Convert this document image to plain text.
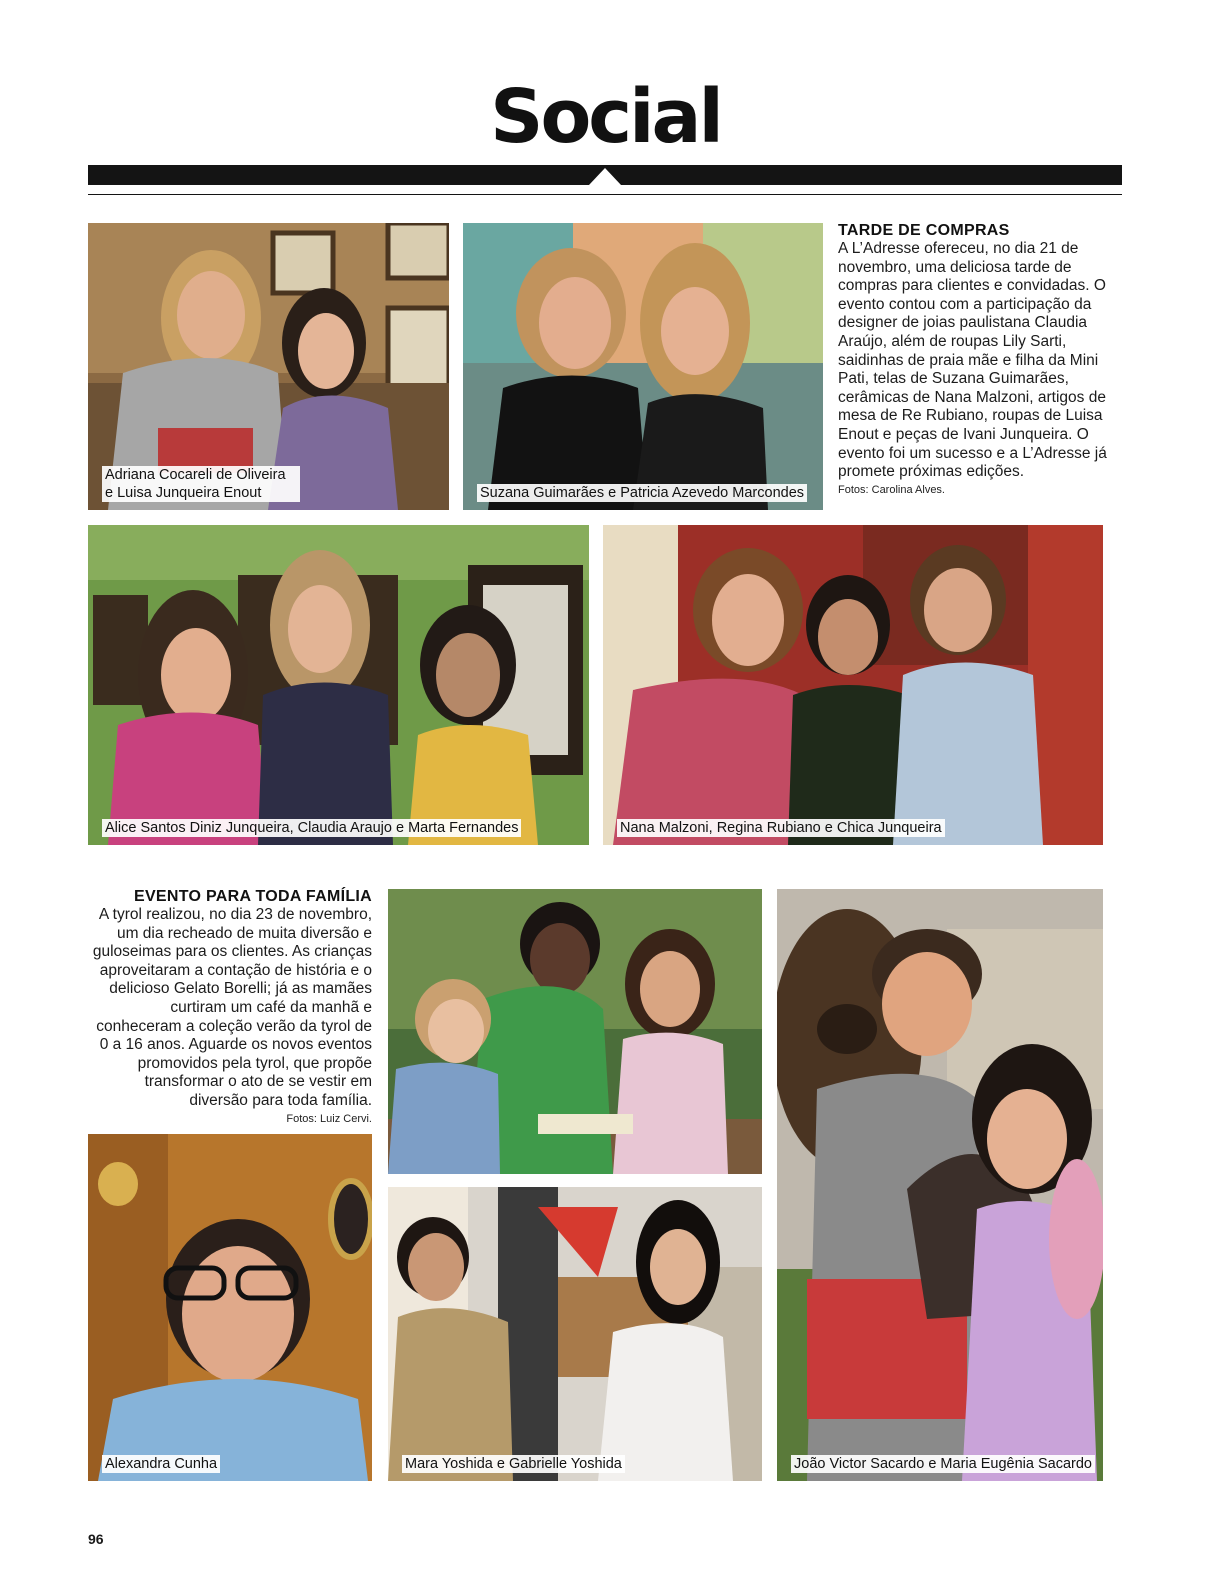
Social
Adriana Cocareli de Oliveira e Luisa Junqueira Enout	Suzana Guimarães e Patricia Azevedo Marcondes
TARDE DE COMPRAS

A L’Adresse ofereceu, no dia 21 de novembro, uma deliciosa tarde de compras para clientes e convidadas. O evento contou com a participação da designer de joias paulistana Claudia Araújo, além de roupas Lily Sarti, saidinhas de praia mãe e filha da Mini Pati, telas de Suzana Guimarães, cerâmicas de Nana Malzoni, artigos de mesa de Re Rubiano, roupas de Luisa Enout e peças de Ivani Junqueira. O evento foi um sucesso e a L’Adresse já promete próximas edições.

Fotos: Carolina Alves.
Alice Santos Diniz Junqueira, Claudia Araujo e Marta Fernandes	Nana Malzoni, Regina Rubiano e Chica Junqueira
EVENTO PARA TODA FAMÍLIA

A tyrol realizou, no dia 23 de novembro, um dia recheado de muita diversão e guloseimas para os clientes. As crianças aproveitaram a contação de história e o delicioso Gelato Borelli; já as mamães curtiram um café da manhã e conheceram a coleção verão da tyrol de 0 a 16 anos. Aguarde os novos eventos promovidos pela tyrol, que propõe transformar o ato de se vestir em diversão para toda família.

Fotos: Luiz Cervi.
Alexandra Cunha	Mara Yoshida e Gabrielle Yoshida	João Victor Sacardo e Maria Eugênia Sacardo
96
